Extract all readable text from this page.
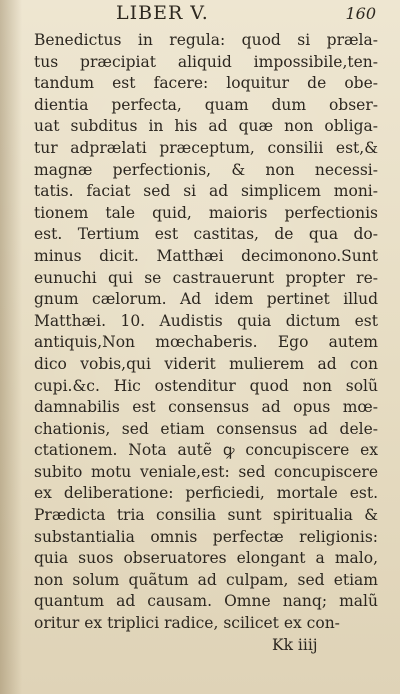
LIBER V.	160
Benedictus in regula: quod si prӕla-
tus prӕcipiat aliquid impossibile,ten-
tandum est facere: loquitur de obe-
dientia perfecta, quam dum obser-
uat subditus in his ad quӕ non obliga-
tur adprӕlati prӕceptum, consilii est,&
magnӕ perfectionis, & non necessi-
tatis. faciat sed si ad simplicem moni-
tionem tale quid, maioris perfectionis
est. Tertium est castitas, de qua do-
minus dicit. Matthӕi decimonono.Sunt
eunuchi qui se castrauerunt propter re-
gnum cӕlorum. Ad idem pertinet illud
Matthӕi. 10. Audistis quia dictum est
antiquis,Non mœchaberis. Ego autem
dico vobis,qui viderit mulierem ad con
cupi.&c. Hic ostenditur quod non solũ
damnabilis est consensus ad opus mœ-
chationis, sed etiam consensus ad dele-
ctationem. Nota autẽ ꝙ concupiscere ex
subito motu veniale,est: sed concupiscere
ex deliberatione: perficiedi, mortale est.
Prӕdicta tria consilia sunt spiritualia &
substantialia omnis perfectӕ religionis:
quia suos obseruatores elongant a malo,
non solum quãtum ad culpam, sed etiam
quantum ad causam. Omne nanq; malũ
oritur ex triplici radice, scilicet ex con-
Kk iiij
